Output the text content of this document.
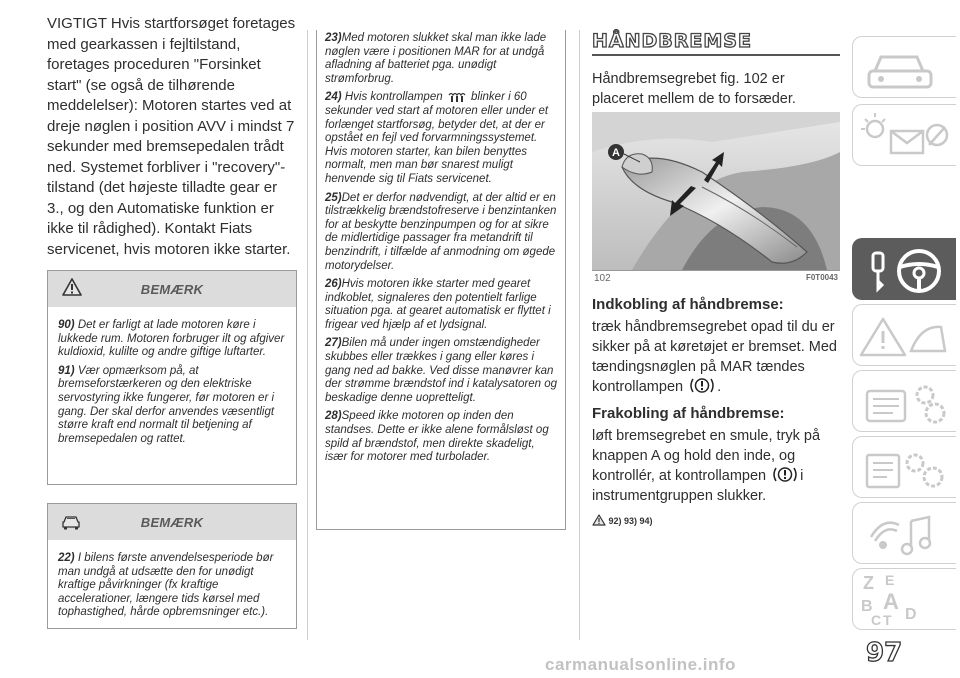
VIGTIGT Hvis startforsøget foretages med gearkassen i fejltilstand, foretages proceduren "Forsinket start" (se også de tilhørende meddelelser): Motoren startes ved at dreje nøglen i position AVV i mindst 7 sekunder med bremsepedalen trådt ned. Systemet forbliver i "recovery"-tilstand (det højeste tilladte gear er 3., og den Automatiske funktion er ikke til rådighed). Kontakt Fiats servicenet, hvis motoren ikke starter.

BEMÆRK

90) Det er farligt at lade motoren køre i lukkede rum. Motoren forbruger ilt og afgiver kuldioxid, kulilte og andre giftige luftarter.

91) Vær opmærksom på, at bremseforstærkeren og den elektriske servostyring ikke fungerer, før motoren er i gang. Der skal derfor anvendes væsentligt større kraft end normalt til betjening af bremsepedalen og rattet.

BEMÆRK

22) I bilens første anvendelsesperiode bør man undgå at udsætte den for unødigt kraftige påvirkninger (fx kraftige accelerationer, længere tids kørsel med tophastighed, hårde opbremsninger etc.).

23)Med motoren slukket skal man ikke lade nøglen være i positionen MAR for at undgå afladning af batteriet pga. unødigt strømforbrug.

24) Hvis kontrollampen blinker i 60 sekunder ved start af motoren eller under et forlænget startforsøg, betyder det, at der er opstået en fejl ved forvarmningssystemet. Hvis motoren starter, kan bilen benyttes normalt, men man bør snarest muligt henvende sig til Fiats servicenet.

25)Det er derfor nødvendigt, at der altid er en tilstrækkelig brændstofreserve i benzintanken for at beskytte benzinpumpen og for at sikre de midlertidige passager fra metandrift til benzindrift, i tilfælde af anmodning om øgede motorydelser.

26)Hvis motoren ikke starter med gearet indkoblet, signaleres den potentielt farlige situation pga. at gearet automatisk er flyttet i frigear ved hjælp af et lydsignal.

27)Bilen må under ingen omstændigheder skubbes eller trækkes i gang eller køres i gang ned ad bakke. Ved disse manøvrer kan der strømme brændstof ind i katalysatoren og beskadige denne uopretteligt.

28)Speed ikke motoren op inden den standses. Dette er ikke alene formålsløst og spild af brændstof, men direkte skadeligt, især for motorer med turbolader.

HÅNDBREMSE

Håndbremsegrebet fig. 102 er placeret mellem de to forsæder.

A
102	F0T0043
Indkobling af håndbremse:

træk håndbremsegrebet opad til du er sikker på at køretøjet er bremset. Med tændingsnøglen på MAR tændes kontrollampen .

Frakobling af håndbremse:

løft bremsegrebet en smule, tryk på knappen A og hold den inde, og kontrollér, at kontrollampen i instrumentgruppen slukker.

92) 93) 94)
Z E
B A
C T D
97
carmanualsonline.info
